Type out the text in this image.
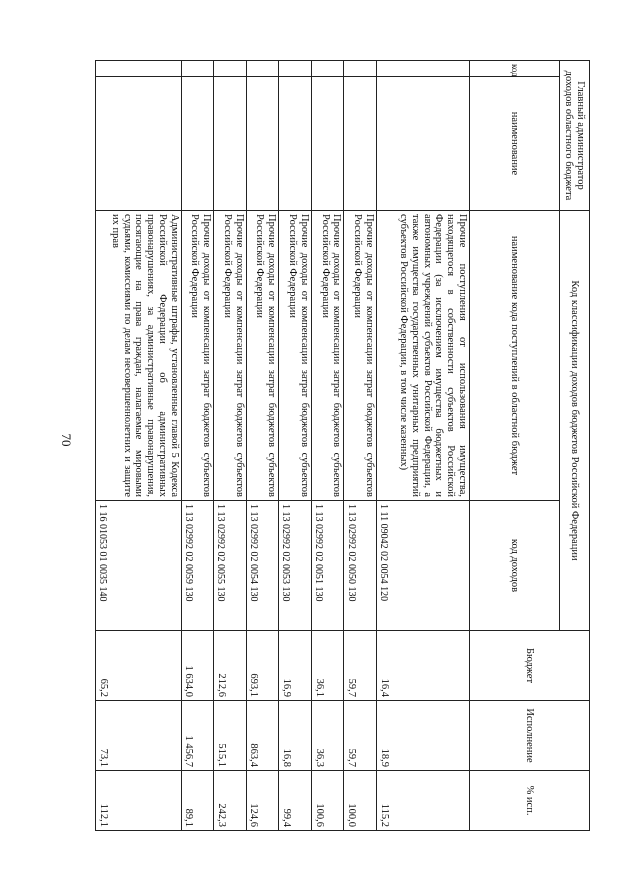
70
Главный администратор доходов областного бюджета		Код классификации доходов бюджетов Российской Федерации		Бюджет	Исполнение	% исп.
код	наименование	наименование кода поступлений в областной бюджет	код доходов			
		Прочие поступления от использования имущества, находящегося в собственности субъектов Российской Федерации (за исключением имущества бюджетных и автономных учреждений субъектов Российской Федерации, а также имущества государственных унитарных предприятий субъектов Российской Федерации, в том числе казенных)	1 11 09042 02 0054 120	16,4	18,9	115,2
		Прочие доходы от компенсации затрат бюджетов субъектов Российской Федерации	1 13 02992 02 0050 130	59,7	59,7	100,0
		Прочие доходы от компенсации затрат бюджетов субъектов Российской Федерации	1 13 02992 02 0051 130	36,1	36,3	100,6
		Прочие доходы от компенсации затрат бюджетов субъектов Российской Федерации	1 13 02992 02 0053 130	16,9	16,8	99,4
		Прочие доходы от компенсации затрат бюджетов субъектов Российской Федерации	1 13 02992 02 0054 130	693,1	863,4	124,6
		Прочие доходы от компенсации затрат бюджетов субъектов Российской Федерации	1 13 02992 02 0055 130	212,6	515,1	242,3
		Прочие доходы от компенсации затрат бюджетов субъектов Российской Федерации	1 13 02992 02 0059 130	1 634,0	1 456,7	89,1
		Административные штрафы, установленные главой 5 Кодекса Российской Федерации об административных правонарушениях, за административные правонарушения, посягающие на права граждан, налагаемые мировыми судьями, комиссиями по делам несовершеннолетних и защите их прав	1 16 01053 01 0035 140	65,2	73,1	112,1
